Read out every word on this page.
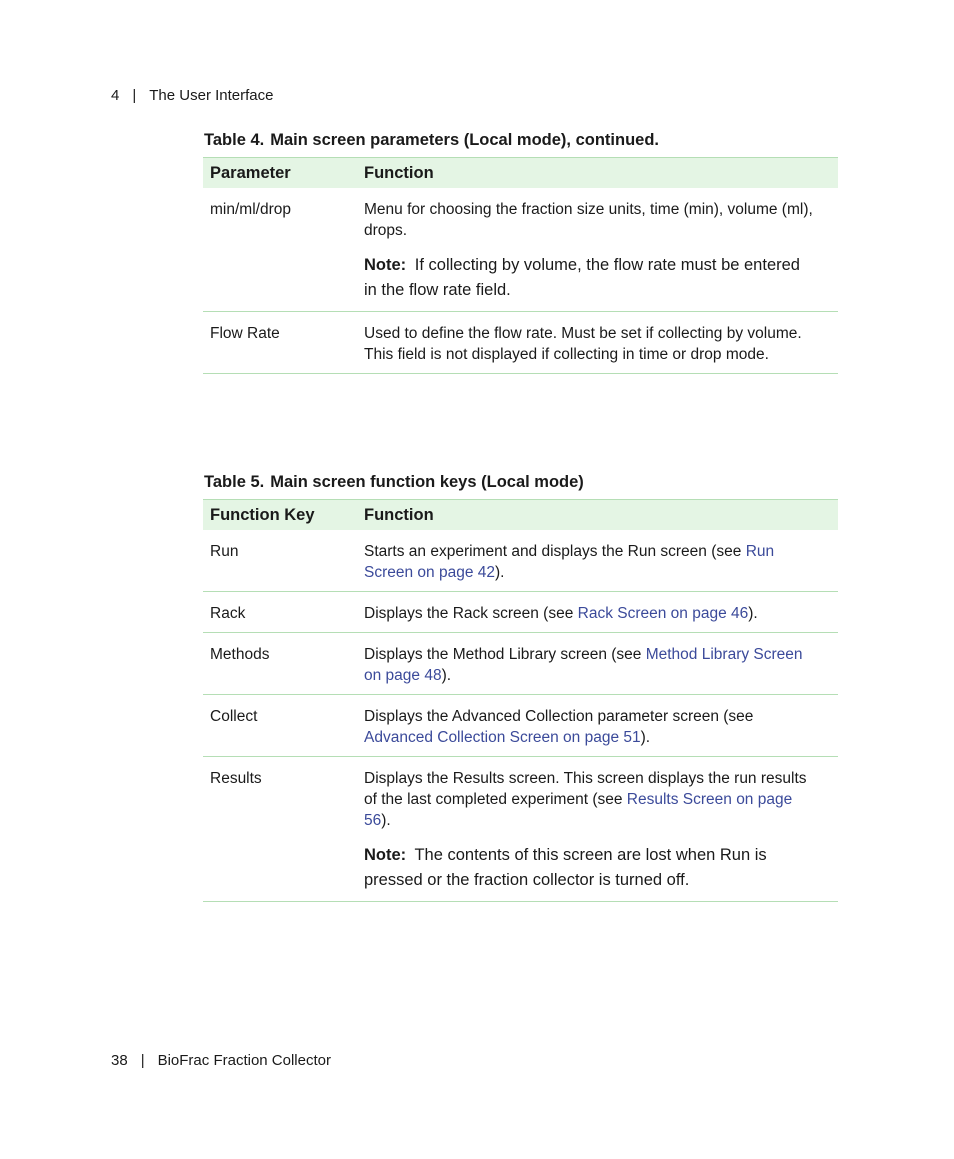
4 | The User Interface
Table 4. Main screen parameters (Local mode), continued.
Parameter	Function
min/ml/drop	Menu for choosing the fraction size units, time (min), volume (ml), drops.

Note: If collecting by volume, the flow rate must be entered in the flow rate field.

Flow Rate	Used to define the flow rate. Must be set if collecting by volume. This field is not displayed if collecting in time or drop mode.

Table 5. Main screen function keys (Local mode)
Function Key	Function
Run	Starts an experiment and displays the Run screen (see Run Screen on page 42).

Rack	Displays the Rack screen (see Rack Screen on page 46).

Methods	Displays the Method Library screen (see Method Library Screen on page 48).

Collect	Displays the Advanced Collection parameter screen (see Advanced Collection Screen on page 51).

Results	Displays the Results screen. This screen displays the run results of the last completed experiment (see Results Screen on page 56).

Note: The contents of this screen are lost when Run is pressed or the fraction collector is turned off.

38 | BioFrac Fraction Collector
